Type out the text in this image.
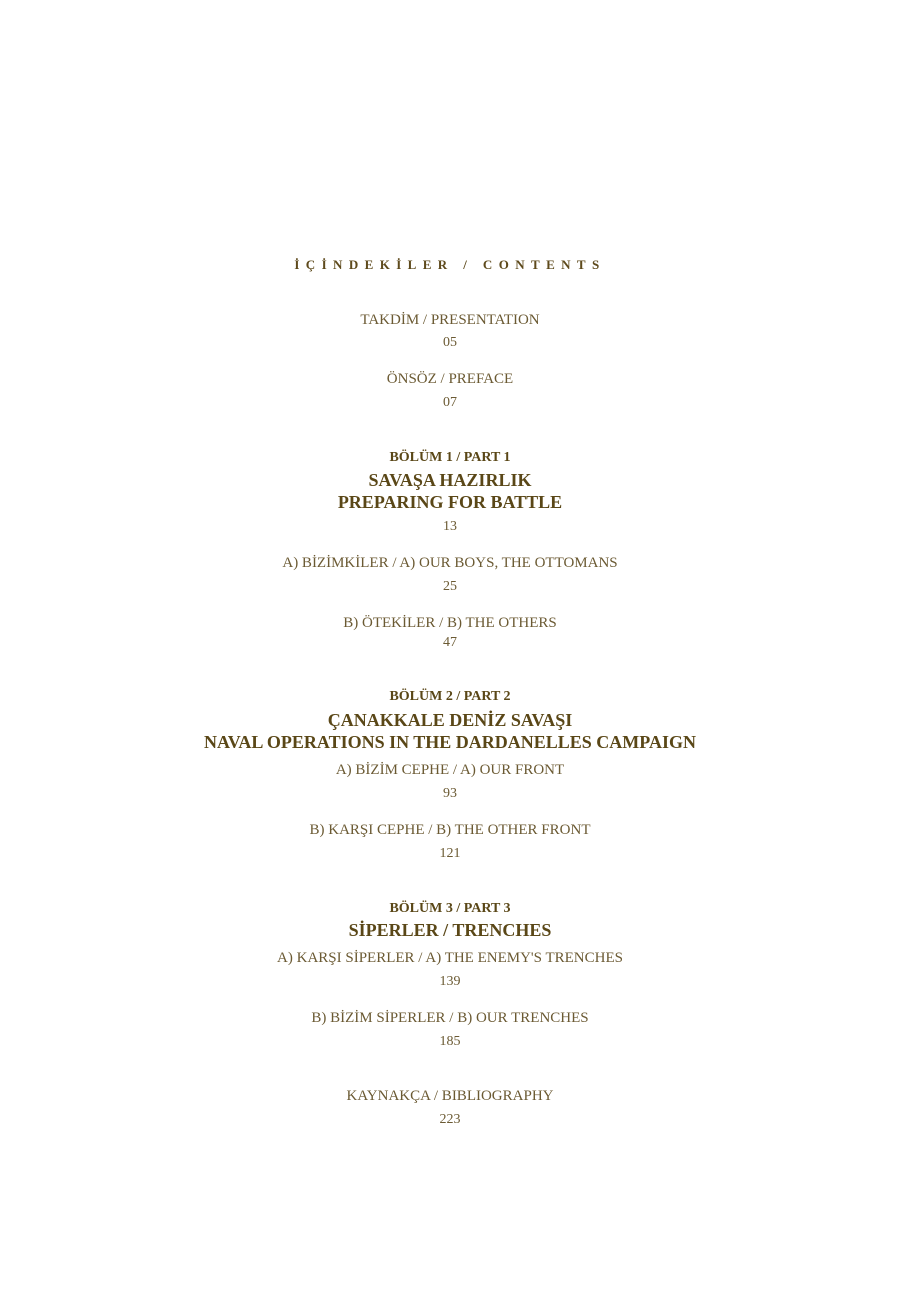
İÇİNDEKİLER / CONTENTS
TAKDİM / PRESENTATION
05
ÖNSÖZ / PREFACE
07
BÖLÜM 1 / PART 1
SAVAŞA HAZIRLIK
PREPARING FOR BATTLE
13
A) BİZİMKİLER / A) OUR BOYS, THE OTTOMANS
25
B) ÖTEKİLER / B) THE OTHERS
47
BÖLÜM 2 / PART 2
ÇANAKKALE DENİZ SAVAŞI
NAVAL OPERATIONS IN THE DARDANELLES CAMPAIGN
A) BİZİM CEPHE / A) OUR FRONT
93
B) KARŞI CEPHE / B) THE OTHER FRONT
121
BÖLÜM 3 / PART 3
SİPERLER / TRENCHES
A) KARŞI SİPERLER / A) THE ENEMY'S TRENCHES
139
B) BİZİM SİPERLER / B) OUR TRENCHES
185
KAYNAKÇA / BIBLIOGRAPHY
223
